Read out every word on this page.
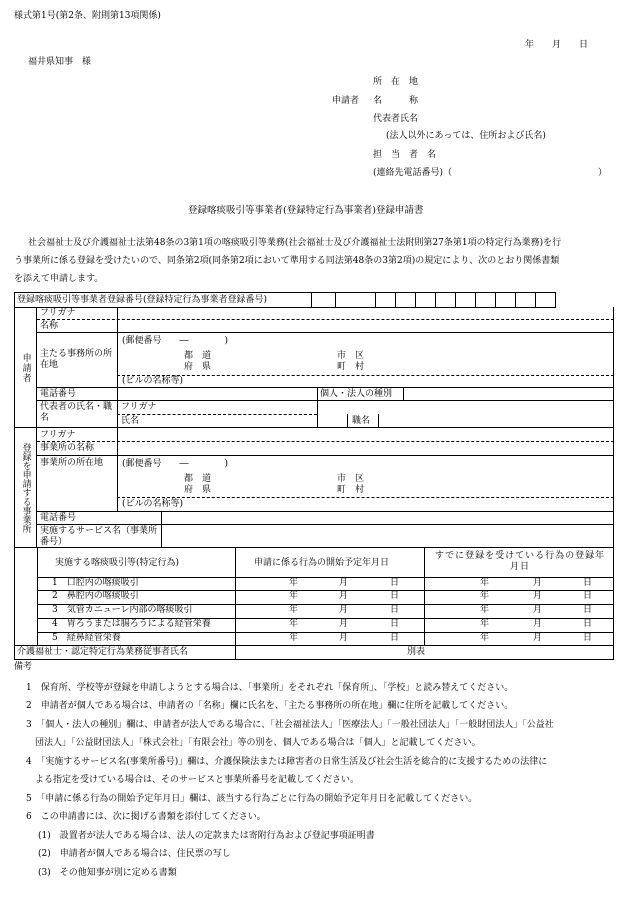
様式第1号(第2条、附則第13項関係)
年　　月　　日
福井県知事　様
所　在　地
申請者 名　　　称
代表者氏名
(法人以外にあっては、住所および氏名)
担　当　者　名
(連絡先電話番号)（	）
登録喀痰吸引等事業者(登録特定行為事業者)登録申請書
社会福祉士及び介護福祉士法第48条の3第1項の喀痰吸引等業務(社会福祉士及び介護福祉士法附則第27条第1項の特定行為業務)を行
う事業所に係る登録を受けたいので、同条第2項(同条第2項において準用する同法第48条の3第2項)の規定により、次のとおり関係書類
を添えて申請します。
登録喀痰吸引等事業者登録番号(登録特定行為事業者登録番号)											
申請者
フリガナ
名称
主たる事務所の所在地
(郵便番号　　―　　　　)
都　道
府　県
市　区
町　村
(ビルの名称等)
電話番号	個人・法人の種別
代表者の氏名・職名
フリガナ
氏名	職名
登録を申請する事業所
フリガナ
事業所の名称
事業所の所在地 (郵便番号　　―　　　　)
都　道
府　県
市　区
町　村
(ビルの名称等)
電話番号
実施するサービス名（事業所番号）
実施する喀痰吸引等(特定行為)	申請に係る行為の開始予定年月日
すでに登録を受けている行為の登録年月日
1　口腔内の喀痰吸引	年	月	日	年	月	日
2　鼻腔内の喀痰吸引	年	月	日	年	月	日
3　気管カニューレ内部の喀痰吸引	年	月	日	年	月	日
4　胃ろうまたは腸ろうによる経管栄養	年	月	日	年	月	日
5　経鼻経管栄養	年	月	日	年	月	日
介護福祉士・認定特定行為業務従事者氏名	別表
備考
1　保育所、学校等が登録を申請しようとする場合は、「事業所」をそれぞれ「保育所」、「学校」と読み替えてください。
2　申請者が個人である場合は、申請者の「名称」欄に氏名を、「主たる事務所の所在地」欄に住所を記載してください。
3　「個人・法人の種別」欄は、申請者が法人である場合に、「社会福祉法人」「医療法人」「一般社団法人」「一般財団法人」「公益社
　団法人」「公益財団法人」「株式会社」「有限会社」等の別を、個人である場合は「個人」と記載してください。
4　「実施するサービス名(事業所番号)」欄は、介護保険法または障害者の日常生活及び社会生活を総合的に支援するための法律に
　よる指定を受けている場合は、そのサービスと事業所番号を記載してください。
5　「申請に係る行為の開始予定年月日」欄は、該当する行為ごとに行為の開始予定年月日を記載してください。
6　この申請書には、次に掲げる書類を添付してください。
(1)　設置者が法人である場合は、法人の定款または寄附行為および登記事項証明書
(2)　申請者が個人である場合は、住民票の写し
(3)　その他知事が別に定める書類
